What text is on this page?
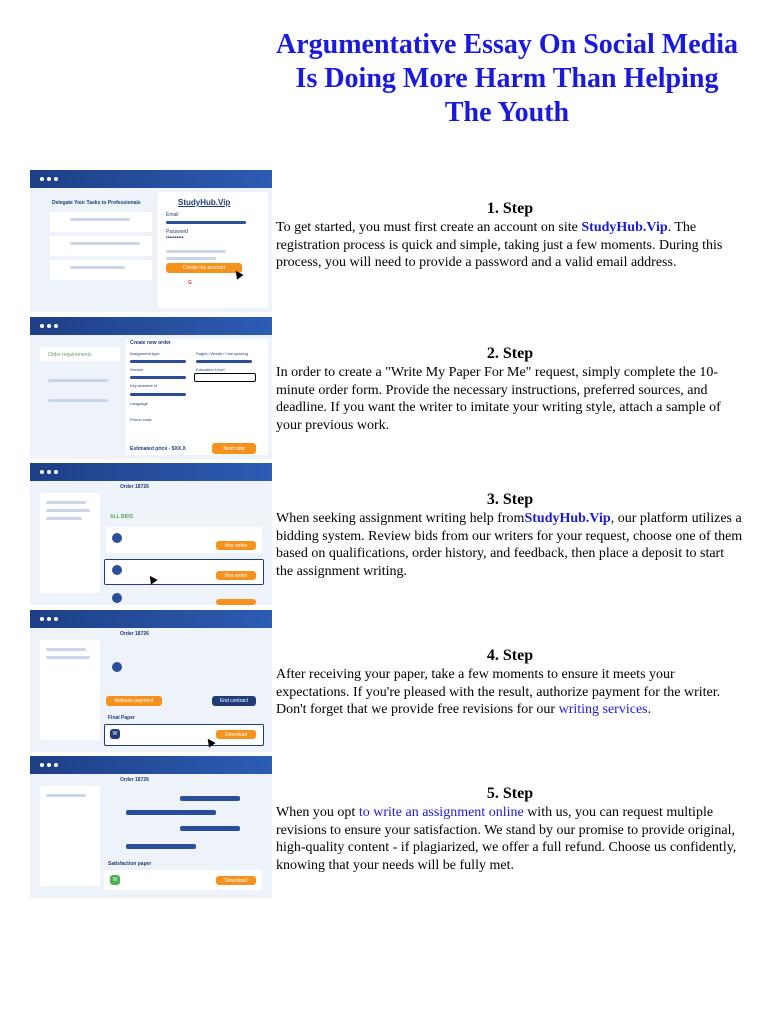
Argumentative Essay On Social Media Is Doing More Harm Than Helping The Youth
Delegate Your Tasks to Professionals	StudyHub.Vip
Email
Password
••••••••••
Create my account
G
Order requirements
Create new order
Assignment type	Pages / Words / Line spacing
Service	Education Level
Key answers in
Language
Promo code
Estimated price - $XX.X	Next step
Order 18726
ALL BIDS
Hire writer
Hire writer
Order 18726
Release payment	End contract
Final Paper
W	Download
Order 18726
Satisfaction paper
W	Download
1. Step

To get started, you must first create an account on site StudyHub.Vip. The registration process is quick and simple, taking just a few moments. During this process, you will need to provide a password and a valid email address.

2. Step

In order to create a "Write My Paper For Me" request, simply complete the 10-minute order form. Provide the necessary instructions, preferred sources, and deadline. If you want the writer to imitate your writing style, attach a sample of your previous work.

3. Step

When seeking assignment writing help fromStudyHub.Vip, our platform utilizes a bidding system. Review bids from our writers for your request, choose one of them based on qualifications, order history, and feedback, then place a deposit to start the assignment writing.

4. Step

After receiving your paper, take a few moments to ensure it meets your expectations. If you're pleased with the result, authorize payment for the writer. Don't forget that we provide free revisions for our writing services.

5. Step

When you opt to write an assignment online with us, you can request multiple revisions to ensure your satisfaction. We stand by our promise to provide original, high-quality content - if plagiarized, we offer a full refund. Choose us confidently, knowing that your needs will be fully met.
